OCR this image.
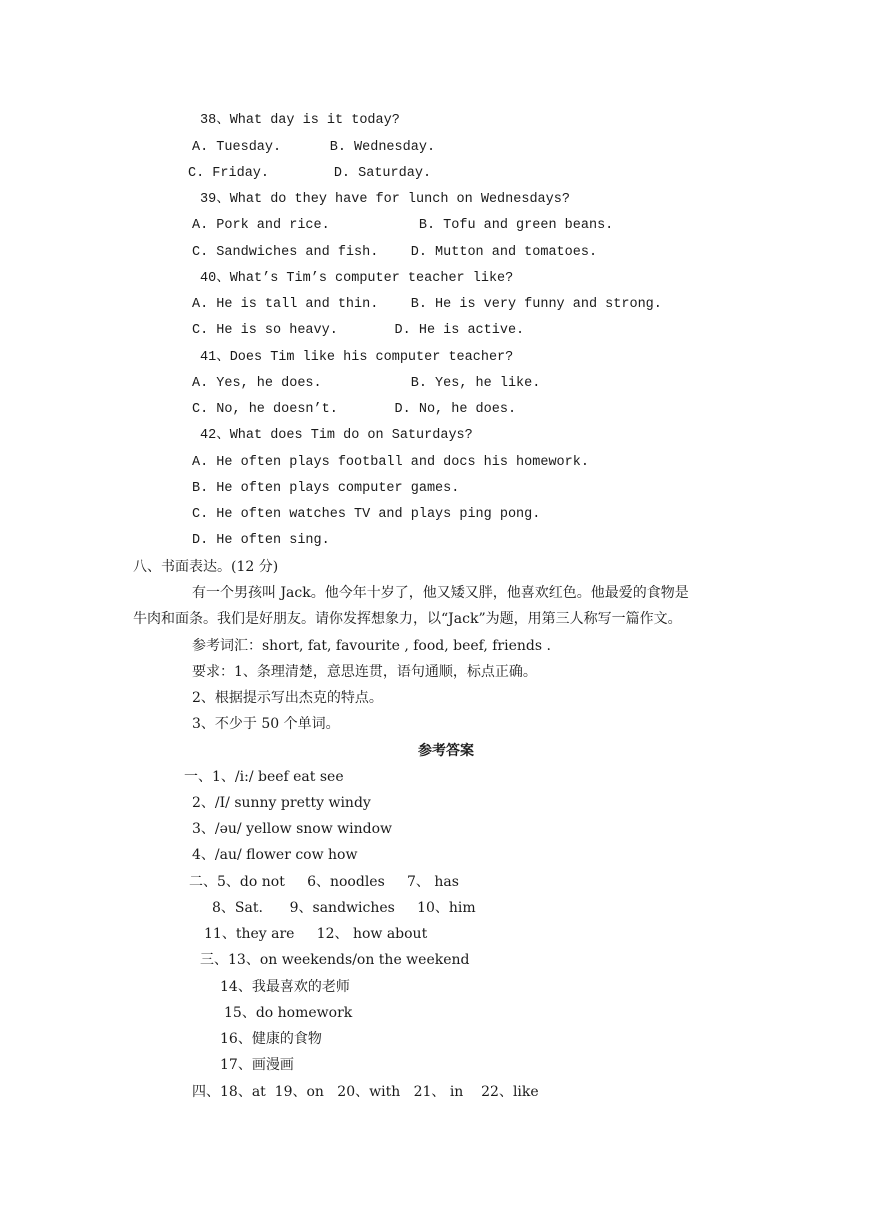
38、What day is it today?
A. Tuesday.      B. Wednesday.
C. Friday.        D. Saturday.
39、What do they have for lunch on Wednesdays?
A. Pork and rice.           B. Tofu and green beans.
C. Sandwiches and fish.    D. Mutton and tomatoes.
40、What’s Tim’s computer teacher like?
A. He is tall and thin.    B. He is very funny and strong.
C. He is so heavy.       D. He is active.
41、Does Tim like his computer teacher?
A. Yes, he does.           B. Yes, he like.
C. No, he doesn’t.       D. No, he does.
42、What does Tim do on Saturdays?
A. He often plays football and docs his homework.
B. He often plays computer games.
C. He often watches TV and plays ping pong.
D. He often sing.
八、书面表达。(12 分)
有一个男孩叫 Jack。他今年十岁了，他又矮又胖，他喜欢红色。他最爱的食物是
牛肉和面条。我们是好朋友。请你发挥想象力，以“Jack”为题，用第三人称写一篇作文。
参考词汇：short, fat, favourite , food, beef, friends .
要求：1、条理清楚，意思连贯，语句通顺，标点正确。
2、根据提示写出杰克的特点。
3、不少于 50 个单词。
参考答案
一、1、/i:/ beef eat see
2、/I/ sunny pretty windy
3、/əu/ yellow snow window
4、/au/ flower cow how
二、5、do not     6、noodles     7、 has
8、Sat.      9、sandwiches     10、him
11、they are     12、 how about
三、13、on weekends/on the weekend
14、我最喜欢的老师
15、do homework
16、健康的食物
17、画漫画
四、18、at  19、on   20、with   21、 in    22、like
